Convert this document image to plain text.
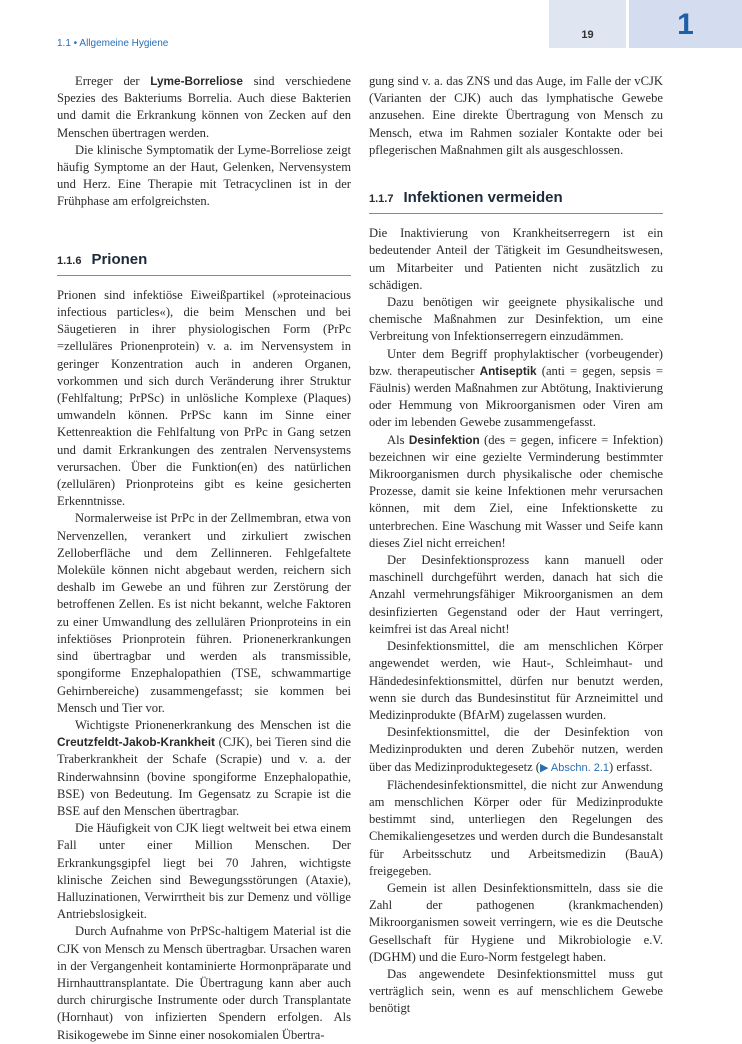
1.1 • Allgemeine Hygiene
19	1

Erreger der Lyme-Borreliose sind verschiedene Spezies des Bakteriums Borrelia. Auch diese Bakterien und damit die Erkrankung können von Zecken auf den Menschen übertragen werden.

Die klinische Symptomatik der Lyme-Borreliose zeigt häufig Symptome an der Haut, Gelenken, Nervensystem und Herz. Eine Therapie mit Tetracyclinen ist in der Frühphase am erfolgreichsten.

1.1.6 Prionen

Prionen sind infektiöse Eiweißpartikel (»proteinacious infectious particles«), die beim Menschen und bei Säugetieren in ihrer physiologischen Form (PrPc =zelluläres Prionenprotein) v. a. im Nervensystem in geringer Konzentration auch in anderen Organen, vorkommen und sich durch Veränderung ihrer Struktur (Fehlfaltung; PrPSc) in unlösliche Komplexe (Plaques) umwandeln können. PrPSc kann im Sinne einer Kettenreaktion die Fehlfaltung von PrPc in Gang setzen und damit Erkrankungen des zentralen Nervensystems verursachen. Über die Funktion(en) des natürlichen (zellulären) Prionproteins gibt es keine gesicherten Erkenntnisse.

Normalerweise ist PrPc in der Zellmembran, etwa von Nervenzellen, verankert und zirkuliert zwischen Zelloberfläche und dem Zellinneren. Fehlgefaltete Moleküle können nicht abgebaut werden, reichern sich deshalb im Gewebe an und führen zur Zerstörung der betroffenen Zellen. Es ist nicht bekannt, welche Faktoren zu einer Umwandlung des zellulären Prionproteins in ein infektiöses Prionprotein führen. Prionenerkrankungen sind übertragbar und werden als transmissible, spongiforme Enzephalopathien (TSE, schwammartige Gehirnbereiche) zusammengefasst; sie kommen bei Mensch und Tier vor.

Wichtigste Prionenerkrankung des Menschen ist die Creutzfeldt-Jakob-Krankheit (CJK), bei Tieren sind die Traberkrankheit der Schafe (Scrapie) und v. a. der Rinderwahnsinn (bovine spongiforme Enzephalopathie, BSE) von Bedeutung. Im Gegensatz zu Scrapie ist die BSE auf den Menschen übertragbar.

Die Häufigkeit von CJK liegt weltweit bei etwa einem Fall unter einer Million Menschen. Der Erkrankungsgipfel liegt bei 70 Jahren, wichtigste klinische Zeichen sind Bewegungsstörungen (Ataxie), Halluzinationen, Verwirrtheit bis zur Demenz und völlige Antriebslosigkeit.

Durch Aufnahme von PrPSc-haltigem Material ist die CJK von Mensch zu Mensch übertragbar. Ursachen waren in der Vergangenheit kontaminierte Hormonpräparate und Hirnhauttransplantate. Die Übertragung kann aber auch durch chirurgische Instrumente oder durch Transplantate (Hornhaut) von infizierten Spendern erfolgen. Als Risikogewebe im Sinne einer nosokomialen Übertra-

gung sind v. a. das ZNS und das Auge, im Falle der vCJK (Varianten der CJK) auch das lymphatische Gewebe anzusehen. Eine direkte Übertragung von Mensch zu Mensch, etwa im Rahmen sozialer Kontakte oder bei pflegerischen Maßnahmen gilt als ausgeschlossen.

1.1.7 Infektionen vermeiden

Die Inaktivierung von Krankheitserregern ist ein bedeutender Anteil der Tätigkeit im Gesundheitswesen, um Mitarbeiter und Patienten nicht zusätzlich zu schädigen.

Dazu benötigen wir geeignete physikalische und chemische Maßnahmen zur Desinfektion, um eine Verbreitung von Infektionserregern einzudämmen.

Unter dem Begriff prophylaktischer (vorbeugender) bzw. therapeutischer Antiseptik (anti = gegen, sepsis = Fäulnis) werden Maßnahmen zur Abtötung, Inaktivierung oder Hemmung von Mikroorganismen oder Viren am oder im lebenden Gewebe zusammengefasst.

Als Desinfektion (des = gegen, inficere = Infektion) bezeichnen wir eine gezielte Verminderung bestimmter Mikroorganismen durch physikalische oder chemische Prozesse, damit sie keine Infektionen mehr verursachen können, mit dem Ziel, eine Infektionskette zu unterbrechen. Eine Waschung mit Wasser und Seife kann dieses Ziel nicht erreichen!

Der Desinfektionsprozess kann manuell oder maschinell durchgeführt werden, danach hat sich die Anzahl vermehrungsfähiger Mikroorganismen an dem desinfizierten Gegenstand oder der Haut verringert, keimfrei ist das Areal nicht!

Desinfektionsmittel, die am menschlichen Körper angewendet werden, wie Haut-, Schleimhaut- und Händedesinfektionsmittel, dürfen nur benutzt werden, wenn sie durch das Bundesinstitut für Arzneimittel und Medizinprodukte (BfArM) zugelassen wurden.

Desinfektionsmittel, die der Desinfektion von Medizinprodukten und deren Zubehör nutzen, werden über das Medizinproduktegesetz (▶ Abschn. 2.1) erfasst.

Flächendesinfektionsmittel, die nicht zur Anwendung am menschlichen Körper oder für Medizinprodukte bestimmt sind, unterliegen den Regelungen des Chemikaliengesetzes und werden durch die Bundesanstalt für Arbeitsschutz und Arbeitsmedizin (BauA) freigegeben.

Gemein ist allen Desinfektionsmitteln, dass sie die Zahl der pathogenen (krankmachenden) Mikroorganismen soweit verringern, wie es die Deutsche Gesellschaft für Hygiene und Mikrobiologie e.V. (DGHM) und die Euro-Norm festgelegt haben.

Das angewendete Desinfektionsmittel muss gut verträglich sein, wenn es auf menschlichem Gewebe benötigt
